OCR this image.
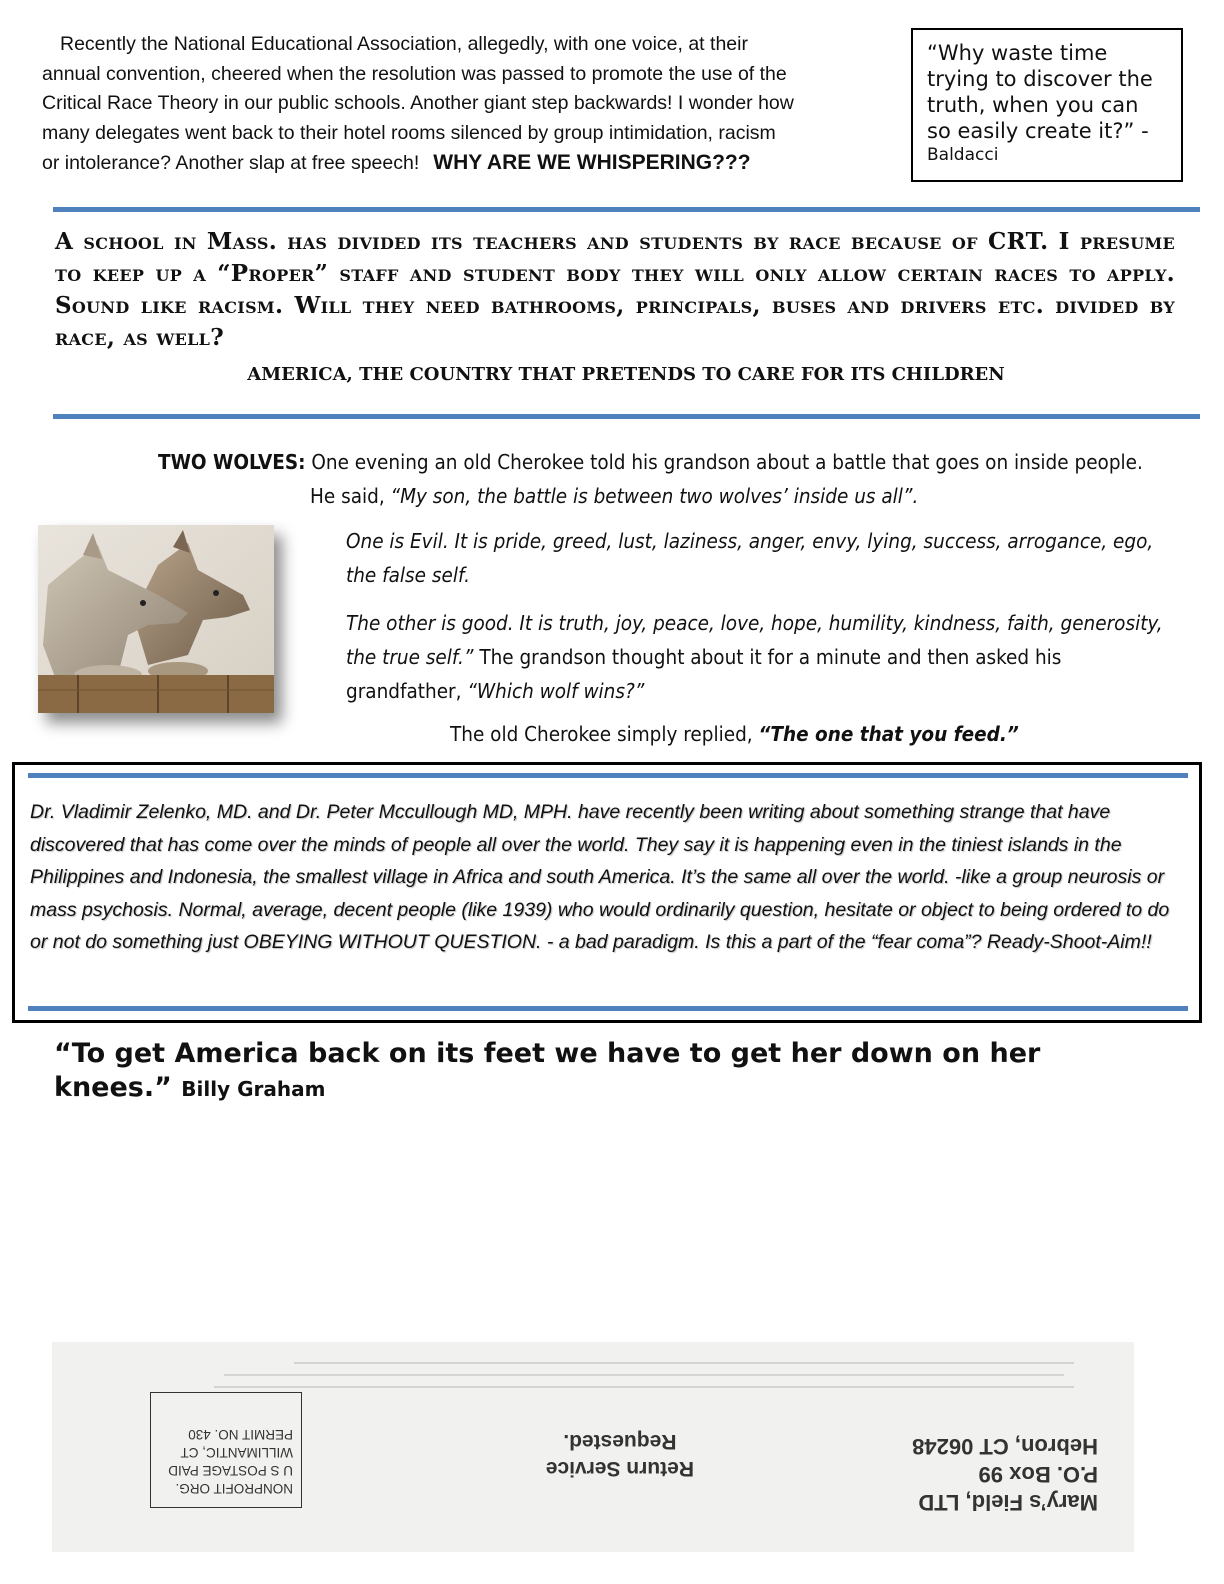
Recently the National Educational Association, allegedly, with one voice, at their
annual convention, cheered when the resolution was passed to promote the use of the
Critical Race Theory in our public schools. Another giant step backwards! I wonder how
many delegates went back to their hotel rooms silenced by group intimidation, racism
or intolerance? Another slap at free speech! WHY ARE WE WHISPERING???
“Why waste time trying to discover the truth, when you can so easily create it?” -
Baldacci
A school in Mass. has divided its teachers and students by race because of CRT. I presume to keep up a “Proper” staff and student body they will only allow certain races to apply. Sound like racism. Will they need bathrooms, principals, buses and drivers etc. divided by race, as well?
AMERICA, THE COUNTRY THAT PRETENDS TO CARE FOR ITS CHILDREN
TWO WOLVES: One evening an old Cherokee told his grandson about a battle that goes on inside people.
He said, “My son, the battle is between two wolves’ inside us all”.
One is Evil. It is pride, greed, lust, laziness, anger, envy, lying, success, arrogance, ego, the false self.
The other is good. It is truth, joy, peace, love, hope, humility, kindness, faith, generosity, the true self.” The grandson thought about it for a minute and then asked his grandfather, “Which wolf wins?”
The old Cherokee simply replied, “The one that you feed.”
Dr. Vladimir Zelenko, MD. and Dr. Peter Mccullough MD, MPH. have recently been writing about something strange that have discovered that has come over the minds of people all over the world. They say it is happening even in the tiniest islands in the Philippines and Indonesia, the smallest village in Africa and south America. It’s the same all over the world. -like a group neurosis or mass psychosis. Normal, average, decent people (like 1939) who would ordinarily question, hesitate or object to being ordered to do or not do something just OBEYING WITHOUT QUESTION. - a bad paradigm. Is this a part of the “fear coma”? Ready-Shoot-Aim!!
“To get America back on its feet we have to get her down on her knees.” Billy Graham
Mary’s Field, LTD
P.O. Box 99
Hebron, CT 06248
Return Service
Requested.
NONPROFIT ORG.
U S POSTAGE PAID
WILLIMANTIC, CT
PERMIT NO. 430
